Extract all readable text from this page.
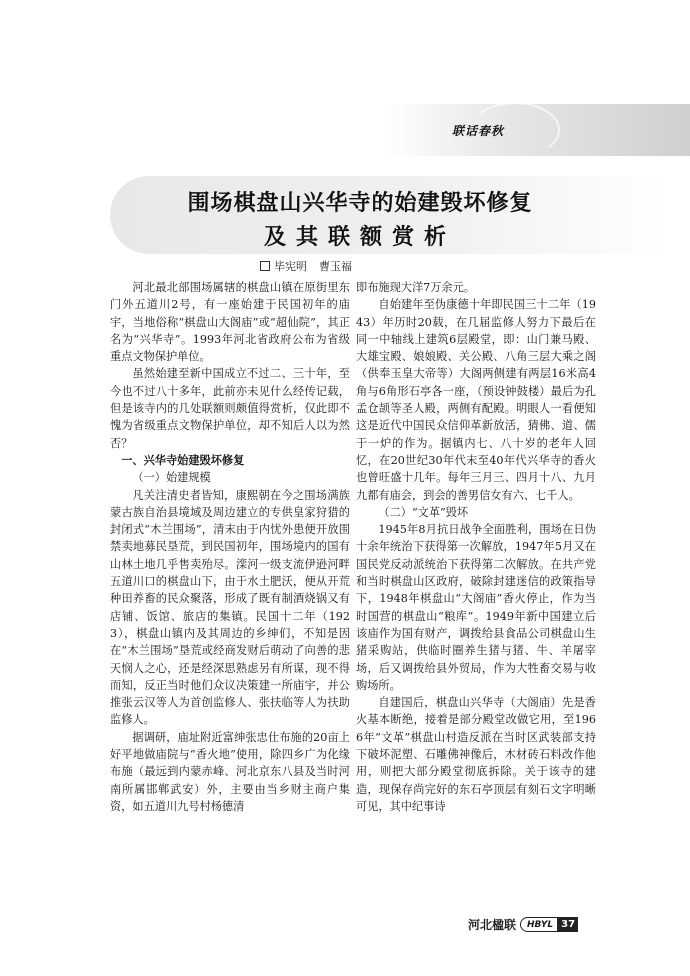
联话春秋
围场棋盘山兴华寺的始建毁坏修复
及其联额赏析
毕宪明 曹玉福

河北最北部围场属辖的棋盘山镇在原街里东门外五道川2号，有一座始建于民国初年的庙宇，当地俗称“棋盘山大阁庙”或“超仙院”，其正名为“兴华寺”。1993年河北省政府公布为省级重点文物保护单位。

虽然始建至新中国成立不过二、三十年，至今也不过八十多年，此前亦未见什么经传记载，但是该寺内的几处联额则颇值得赏析，仅此即不愧为省级重点文物保护单位，却不知后人以为然否？

一、兴华寺始建毁坏修复

（一）始建规模

凡关注清史者皆知，康熙朝在今之围场满族蒙古族自治县境域及周边建立的专供皇家狩猎的封闭式“木兰围场”，清末由于内忧外患便开放围禁卖地募民垦荒，到民国初年，围场境内的国有山林土地几乎售卖殆尽。滦河一级支流伊逊河畔五道川口的棋盘山下，由于水土肥沃，便从开荒种田养畜的民众聚落，形成了既有制酒烧锅又有店铺、饭馆、旅店的集镇。民国十二年（1923），棋盘山镇内及其周边的乡绅们，不知是因在“木兰围场”垦荒或经商发财后萌动了向善的悲天悯人之心，还是经深思熟虑另有所谋，现不得而知，反正当时他们众议决策建一所庙宇，并公推张云汉等人为首创监修人、张扶临等人为扶助监修人。

据调研，庙址附近富绅张忠仕布施的20亩上好平地做庙院与“香火地”使用，除四乡广为化缘布施（最远到内蒙赤峰、河北京东八县及当时河南所属邯郸武安）外，主要由当乡财主商户集资，如五道川九号村杨德清

即布施现大洋7万余元。

自始建年至伪康德十年即民国三十二年（1943）年历时20载，在几届监修人努力下最后在同一中轴线上建筑6层殿堂，即：山门兼马殿、大雄宝殿、娘娘殿、关公殿、八角三层大乘之阁（供奉玉皇大帝等）大阁两侧建有两层16米高4角与6角形石亭各一座，（预设钟鼓楼）最后为孔孟仓颉等圣人殿，两侧有配殿。明眼人一看便知这是近代中国民众信仰革新放活，猜佛、道、儒于一炉的作为。据镇内七、八十岁的老年人回忆，在20世纪30年代末至40年代兴华寺的香火也曾旺盛十几年。每年三月三、四月十八、九月九都有庙会，到会的善男信女有六、七千人。

（二）“文革”毁坏

1945年8月抗日战争全面胜利，围场在日伪十余年统治下获得第一次解放，1947年5月又在国民党反动派统治下获得第二次解放。在共产党和当时棋盘山区政府，破除封建迷信的政策指导下，1948年棋盘山“大阁庙”香火停止，作为当时国营的棋盘山“粮库”。1949年新中国建立后该庙作为国有财产，调拨给县食品公司棋盘山生猪采购站，供临时圈养生猪与猪、牛、羊屠宰场，后又调拨给县外贸局，作为大牲畜交易与收购场所。

自建国后，棋盘山兴华寺（大阁庙）先是香火基本断绝，接着是部分殿堂改做它用，至1966年“文革”棋盘山村造反派在当时区武装部支持下破坏泥塑、石雕佛神像后，木材砖石料改作他用，则把大部分殿堂彻底拆除。关于该寺的建造，现保存尚完好的东石亭顶层有刻石文字明晰可见，其中纪事诗

河北楹联	HBYL 37
